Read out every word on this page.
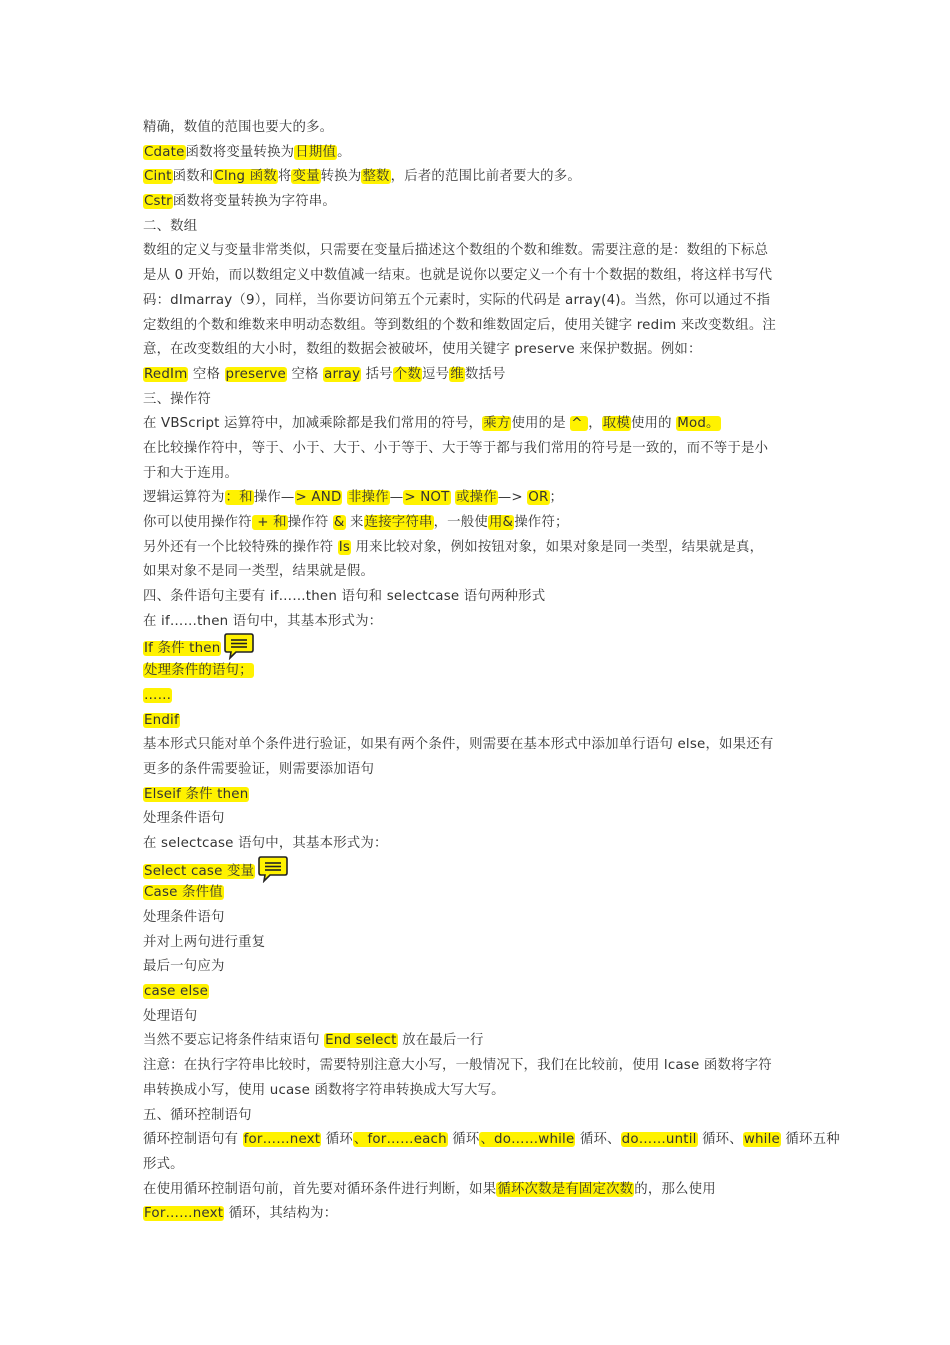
精确，数值的范围也要大的多。
Cdate函数将变量转换为日期值。
Cint函数和Clng 函数将变量转换为整数，后者的范围比前者要大的多。
Cstr函数将变量转换为字符串。
二、数组
数组的定义与变量非常类似，只需要在变量后描述这个数组的个数和维数。需要注意的是：数组的下标总
是从 0 开始，而以数组定义中数值减一结束。也就是说你以要定义一个有十个数据的数组，将这样书写代
码：dImarray（9），同样，当你要访问第五个元素时，实际的代码是 array(4)。当然，你可以通过不指
定数组的个数和维数来申明动态数组。等到数组的个数和维数固定后，使用关键字 redim 来改变数组。注
意，在改变数组的大小时，数组的数据会被破坏，使用关键字 preserve 来保护数据。例如：
RedIm 空格 preserve 空格 array 括号个数逗号维数括号
三、操作符
在 VBScript 运算符中，加减乘除都是我们常用的符号，乘方使用的是 ^ ，取模使用的 Mod。
在比较操作符中，等于、小于、大于、小于等于、大于等于都与我们常用的符号是一致的，而不等于是小
于和大于连用。
逻辑运算符为：和操作—> AND 非操作—> NOT 或操作—> OR；
你可以使用操作符 + 和操作符 & 来连接字符串，一般使用&操作符；
另外还有一个比较特殊的操作符 Is 用来比较对象，例如按钮对象，如果对象是同一类型，结果就是真，
如果对象不是同一类型，结果就是假。
四、条件语句主要有 if……then 语句和 selectcase 语句两种形式
在 if……then 语句中，其基本形式为：
If 条件 then
处理条件的语句；
……
Endif
基本形式只能对单个条件进行验证，如果有两个条件，则需要在基本形式中添加单行语句 else，如果还有
更多的条件需要验证，则需要添加语句
Elseif 条件 then
处理条件语句
在 selectcase 语句中，其基本形式为：
Select case 变量
Case 条件值
处理条件语句
并对上两句进行重复
最后一句应为
case else
处理语句
当然不要忘记将条件结束语句 End select 放在最后一行
注意：在执行字符串比较时，需要特别注意大小写，一般情况下，我们在比较前，使用 lcase 函数将字符
串转换成小写，使用 ucase 函数将字符串转换成大写大写。
五、循环控制语句
循环控制语句有 for……next 循环、for……each 循环、do……while 循环、do……until 循环、while 循环五种
形式。
在使用循环控制语句前，首先要对循环条件进行判断，如果循环次数是有固定次数的，那么使用
For……next 循环，其结构为：
